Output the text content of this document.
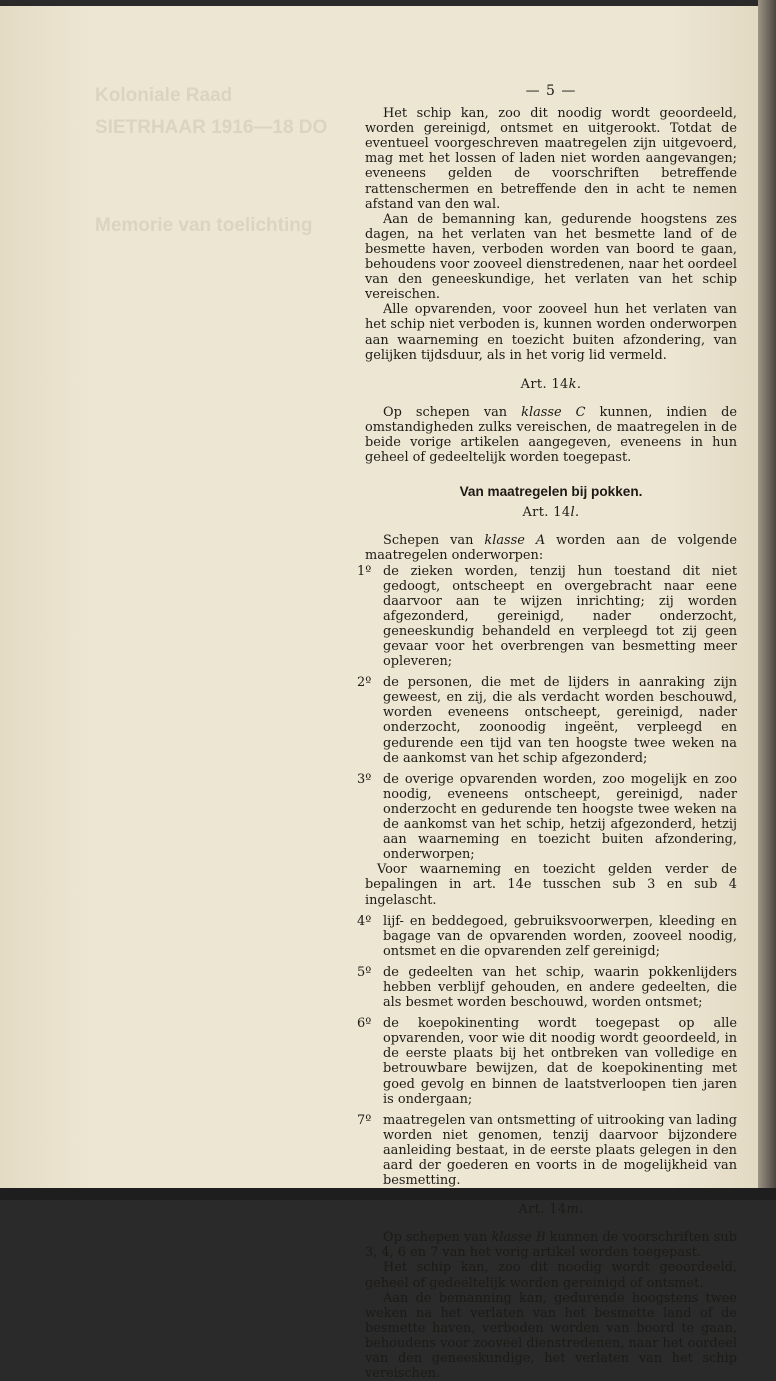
Koloniale Raad
SIETRHAAR 1916—18 DO
Memorie van toelichting
— 5 —

Het schip kan, zoo dit noodig wordt geoordeeld, worden gereinigd, ontsmet en uitgerookt. Totdat de eventueel voorgeschreven maatregelen zijn uitgevoerd, mag met het lossen of laden niet worden aangevangen; eveneens gelden de voorschriften betreffende rattenschermen en betreffende den in acht te nemen afstand van den wal.

Aan de bemanning kan, gedurende hoogstens zes dagen, na het verlaten van het besmette land of de besmette haven, verboden worden van boord te gaan, behoudens voor zooveel dienstredenen, naar het oordeel van den geneeskundige, het verlaten van het schip vereischen.

Alle opvarenden, voor zooveel hun het verlaten van het schip niet verboden is, kunnen worden onderworpen aan waarneming en toezicht buiten afzondering, van gelijken tijdsduur, als in het vorig lid vermeld.

Art. 14k.

Op schepen van klasse C kunnen, indien de omstandigheden zulks vereischen, de maatregelen in de beide vorige artikelen aangegeven, eveneens in hun geheel of gedeeltelijk worden toegepast.

Van maatregelen bij pokken.
Art. 14l.

Schepen van klasse A worden aan de volgende maatregelen onderworpen:

1º de zieken worden, tenzij hun toestand dit niet gedoogt, ontscheept en overgebracht naar eene daarvoor aan te wijzen inrichting; zij worden afgezonderd, gereinigd, nader onderzocht, geneeskundig behandeld en verpleegd tot zij geen gevaar voor het overbrengen van besmetting meer opleveren;
2º de personen, die met de lijders in aanraking zijn geweest, en zij, die als verdacht worden beschouwd, worden eveneens ontscheept, gereinigd, nader onderzocht, zoonoodig ingeënt, verpleegd en gedurende een tijd van ten hoogste twee weken na de aankomst van het schip afgezonderd;
3º de overige opvarenden worden, zoo mogelijk en zoo noodig, eveneens ontscheept, gereinigd, nader onderzocht en gedurende ten hoogste twee weken na de aankomst van het schip, hetzij afgezonderd, hetzij aan waarneming en toezicht buiten afzondering, onderworpen;

Voor waarneming en toezicht gelden verder de bepalingen in art. 14e tusschen sub 3 en sub 4 ingelascht.

4º lijf- en beddegoed, gebruiksvoorwerpen, kleeding en bagage van de opvarenden worden, zooveel noodig, ontsmet en die opvarenden zelf gereinigd;
5º de gedeelten van het schip, waarin pokkenlijders hebben verblijf gehouden, en andere gedeelten, die als besmet worden beschouwd, worden ontsmet;
6º de koepokinenting wordt toegepast op alle opvarenden, voor wie dit noodig wordt geoordeeld, in de eerste plaats bij het ontbreken van volledige en betrouwbare bewijzen, dat de koepokinenting met goed gevolg en binnen de laatstverloopen tien jaren is ondergaan;
7º maatregelen van ontsmetting of uitrooking van lading worden niet genomen, tenzij daarvoor bijzondere aanleiding bestaat, in de eerste plaats gelegen in den aard der goederen en voorts in de mogelijkheid van besmetting.
Art. 14m.

Op schepen van klasse B kunnen de voorschriften sub 3, 4, 6 en 7 van het vorig artikel worden toegepast.

Het schip kan, zoo dit noodig wordt geoordeeld, geheel of gedeeltelijk worden gereinigd of ontsmet.

Aan de bemanning kan, gedurende hoogstens twee weken na het verlaten van het besmette land of de besmette haven, verboden worden van boord te gaan, behoudens voor zooveel dienstredenen, naar het oordeel van den geneeskundige, het verlaten van het schip vereischen.
